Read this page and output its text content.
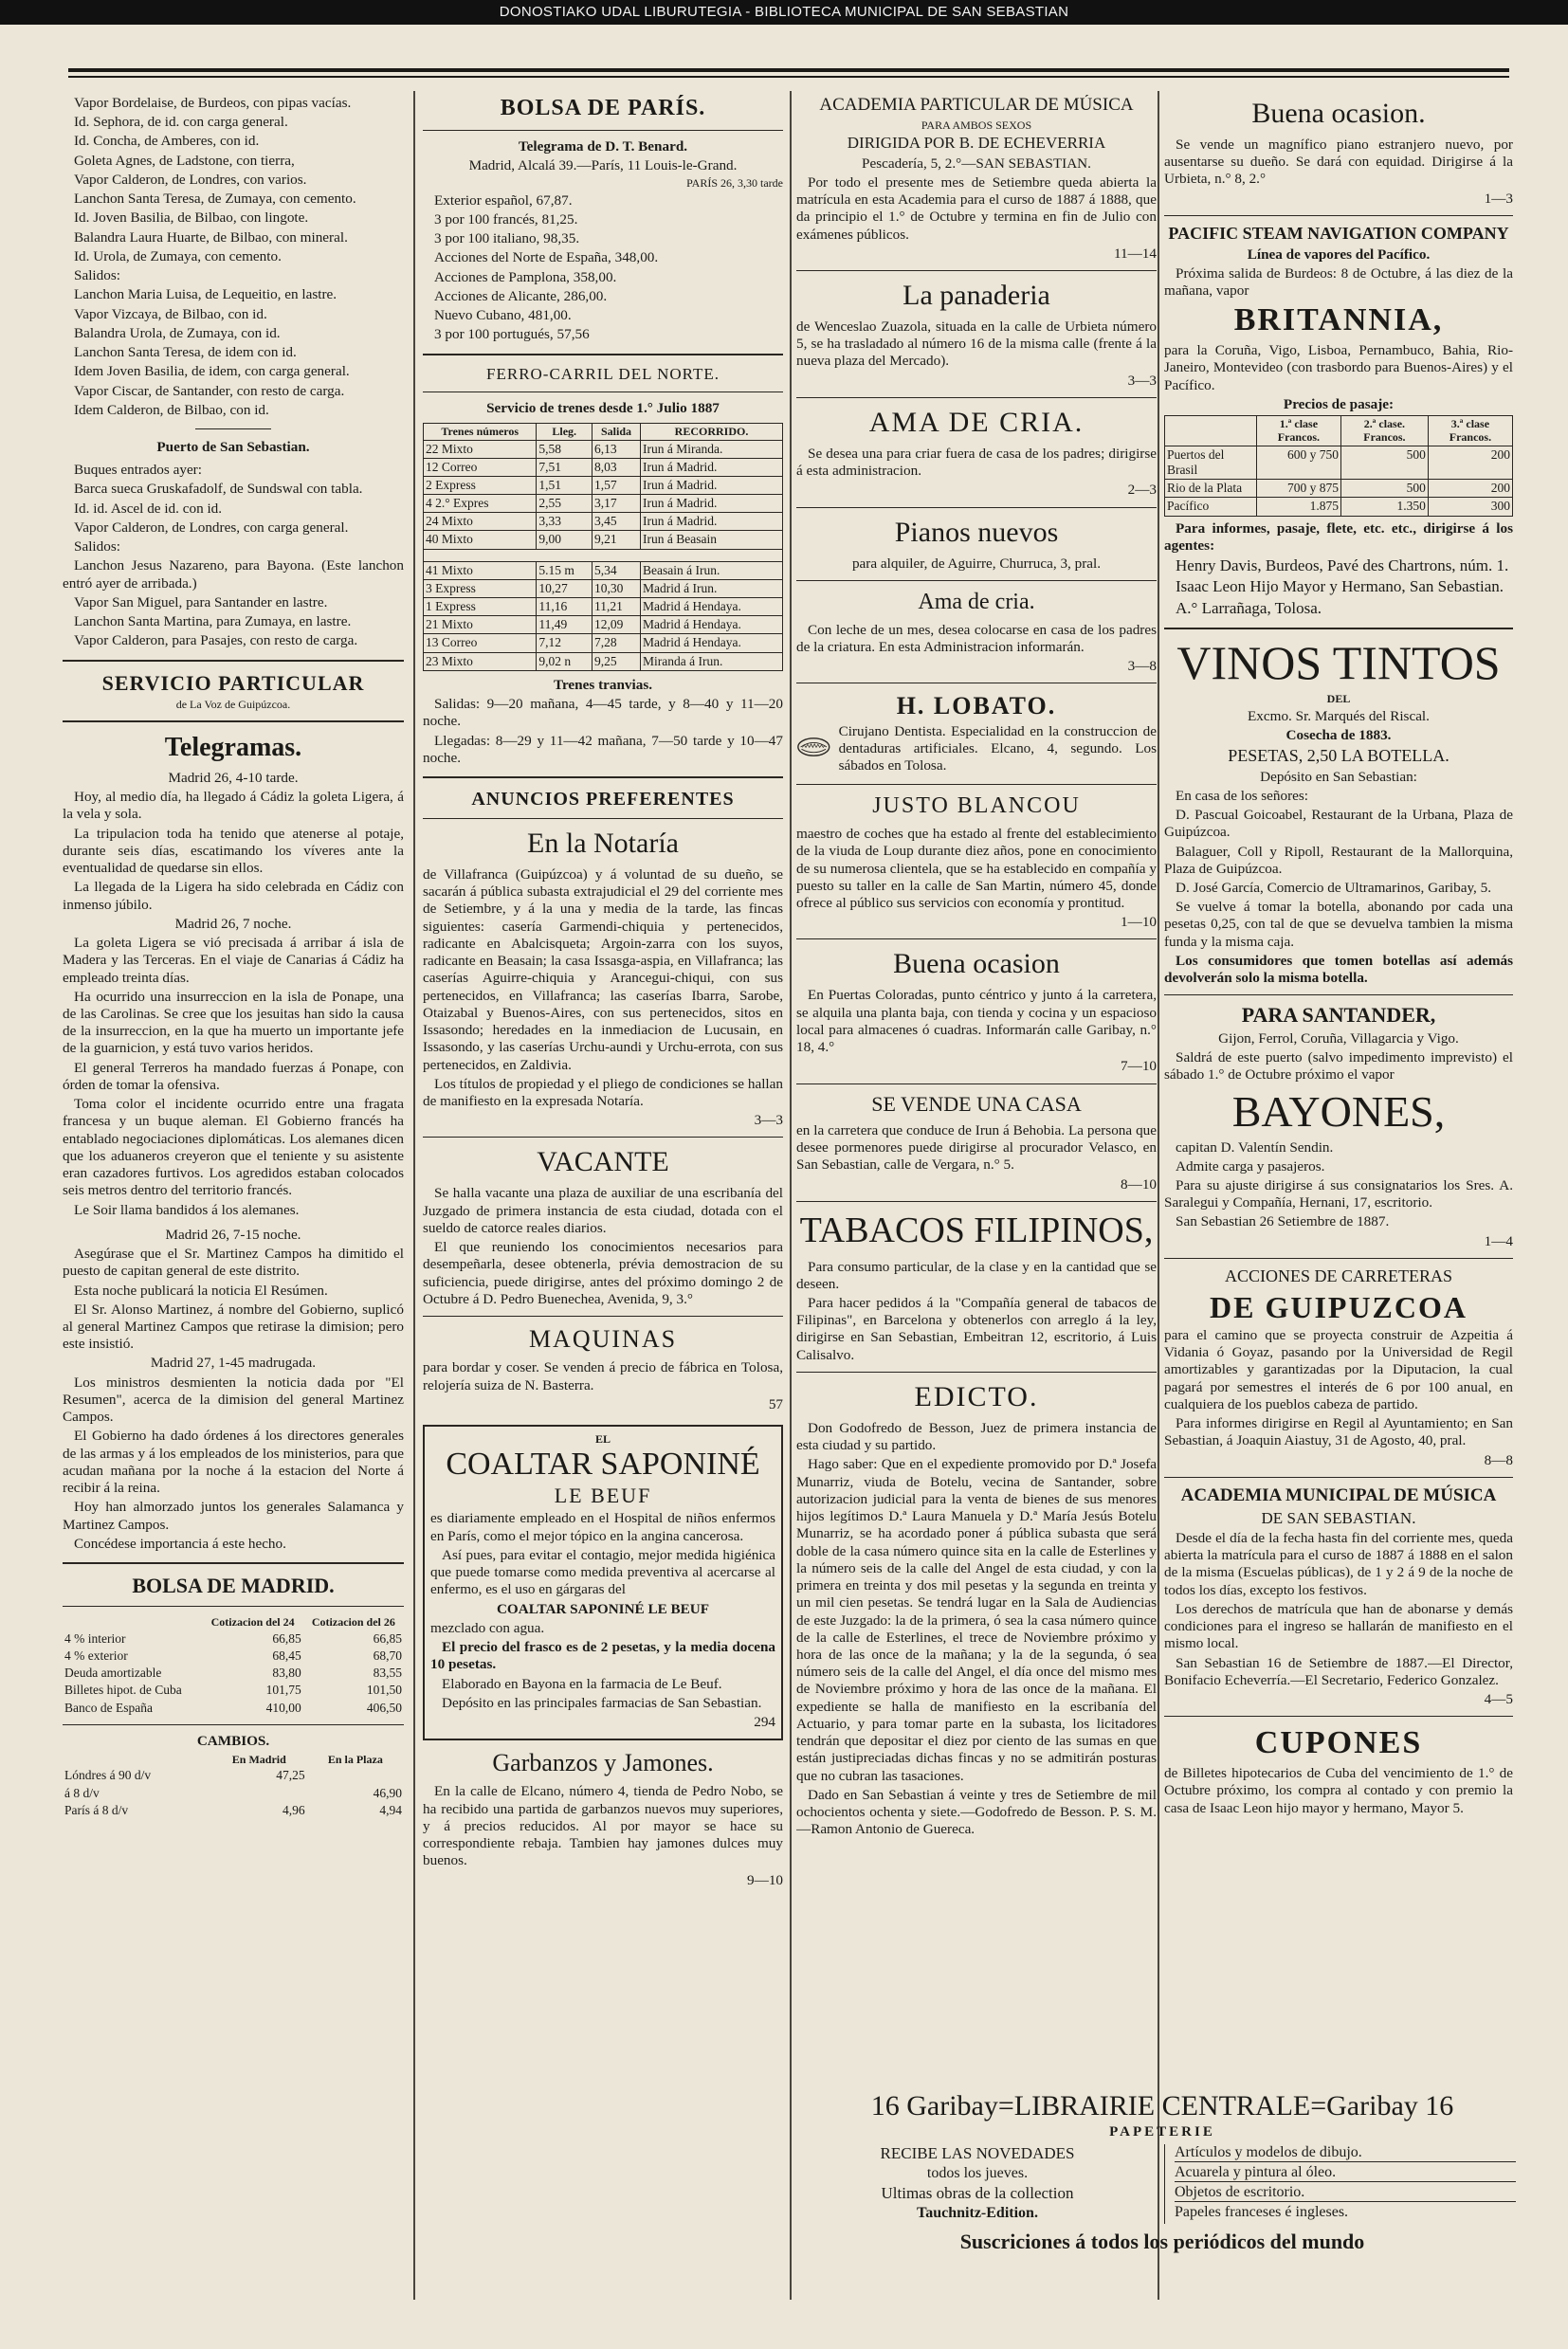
DONOSTIAKO UDAL LIBURUTEGIA - BIBLIOTECA MUNICIPAL DE SAN SEBASTIAN

Vapor Bordelaise, de Burdeos, con pipas vacías.

Id. Sephora, de id. con carga general.

Id. Concha, de Amberes, con id.

Goleta Agnes, de Ladstone, con tierra,

Vapor Calderon, de Londres, con varios.

Lanchon Santa Teresa, de Zumaya, con cemento.

Id. Joven Basilia, de Bilbao, con lingote.

Balandra Laura Huarte, de Bilbao, con mineral.

Id. Urola, de Zumaya, con cemento.

Salidos:

Lanchon Maria Luisa, de Lequeitio, en lastre.

Vapor Vizcaya, de Bilbao, con id.

Balandra Urola, de Zumaya, con id.

Lanchon Santa Teresa, de idem con id.

Idem Joven Basilia, de idem, con carga general.

Vapor Ciscar, de Santander, con resto de carga.

Idem Calderon, de Bilbao, con id.

Puerto de San Sebastian.

Buques entrados ayer:

Barca sueca Gruskafadolf, de Sundswal con tabla.

Id. id. Ascel de id. con id.

Vapor Calderon, de Londres, con carga general.

Salidos:

Lanchon Jesus Nazareno, para Bayona. (Este lanchon entró ayer de arribada.)

Vapor San Miguel, para Santander en lastre.

Lanchon Santa Martina, para Zumaya, en lastre.

Vapor Calderon, para Pasajes, con resto de carga.

SERVICIO PARTICULAR

de La Voz de Guipúzcoa.

Telegramas.

Madrid 26, 4-10 tarde.

Hoy, al medio día, ha llegado á Cádiz la goleta Ligera, á la vela y sola.

La tripulacion toda ha tenido que atenerse al potaje, durante seis días, escatimando los víveres ante la eventualidad de quedarse sin ellos.

La llegada de la Ligera ha sido celebrada en Cádiz con inmenso júbilo.

Madrid 26, 7 noche.

La goleta Ligera se vió precisada á arribar á isla de Madera y las Terceras. En el viaje de Canarias á Cádiz ha empleado treinta días.

Ha ocurrido una insurreccion en la isla de Ponape, una de las Carolinas. Se cree que los jesuitas han sido la causa de la insurreccion, en la que ha muerto un importante jefe de la guarnicion, y está tuvo varios heridos.

El general Terreros ha mandado fuerzas á Ponape, con órden de tomar la ofensiva.

Toma color el incidente ocurrido entre una fragata francesa y un buque aleman. El Gobierno francés ha entablado negociaciones diplomáticas. Los alemanes dicen que los aduaneros creyeron que el teniente y su asistente eran cazadores furtivos. Los agredidos estaban colocados seis metros dentro del territorio francés.

Le Soir llama bandidos á los alemanes.

Madrid 26, 7-15 noche.

Asegúrase que el Sr. Martinez Campos ha dimitido el puesto de capitan general de este distrito.

Esta noche publicará la noticia El Resúmen.

El Sr. Alonso Martinez, á nombre del Gobierno, suplicó al general Martinez Campos que retirase la dimision; pero este insistió.

Madrid 27, 1-45 madrugada.

Los ministros desmienten la noticia dada por "El Resumen", acerca de la dimision del general Martinez Campos.

El Gobierno ha dado órdenes á los directores generales de las armas y á los empleados de los ministerios, para que acudan mañana por la noche á la estacion del Norte á recibir á la reina.

Hoy han almorzado juntos los generales Salamanca y Martinez Campos.

Concédese importancia á este hecho.

BOLSA DE MADRID.

	Cotizacion del 24	Cotizacion del 26
4 % interior	66,85	66,85
4 % exterior	68,45	68,70
Deuda amortizable	83,80	83,55
Billetes hipot. de Cuba	101,75	101,50
Banco de España	410,00	406,50

CAMBIOS.

	En Madrid	En la Plaza
Lóndres á 90 d/v	47,25	
á 8 d/v		46,90
París á 8 d/v	4,96	4,94

BOLSA DE PARÍS.

Telegrama de D. T. Benard.

Madrid, Alcalá 39.—París, 11 Louis-le-Grand.

PARÍS 26, 3,30 tarde

Exterior español, 67,87.

3 por 100 francés, 81,25.

3 por 100 italiano, 98,35.

Acciones del Norte de España, 348,00.

Acciones de Pamplona, 358,00.

Acciones de Alicante, 286,00.

Nuevo Cubano, 481,00.

3 por 100 portugués, 57,56

FERRO-CARRIL DEL NORTE.

Servicio de trenes desde 1.° Julio 1887

Trenes números	Lleg.	Salida	RECORRIDO.
22 Mixto	5,58	6,13	Irun á Miranda.
12 Correo	7,51	8,03	Irun á Madrid.
2 Express	1,51	1,57	Irun á Madrid.
4 2.° Expres	2,55	3,17	Irun á Madrid.
24 Mixto	3,33	3,45	Irun á Madrid.
40 Mixto	9,00	9,21	Irun á Beasain

41 Mixto	5.15 m	5,34	Beasain á Irun.
3 Express	10,27	10,30	Madrid á Irun.
1 Express	11,16	11,21	Madrid á Hendaya.
21 Mixto	11,49	12,09	Madrid á Hendaya.
13 Correo	7,12	7,28	Madrid á Hendaya.
23 Mixto	9,02 n	9,25	Miranda á Irun.

Trenes tranvias.

Salidas: 9—20 mañana, 4—45 tarde, y 8—40 y 11—20 noche.

Llegadas: 8—29 y 11—42 mañana, 7—50 tarde y 10—47 noche.

ANUNCIOS PREFERENTES

En la Notaría

de Villafranca (Guipúzcoa) y á voluntad de su dueño, se sacarán á pública subasta extrajudicial el 29 del corriente mes de Setiembre, y á la una y media de la tarde, las fincas siguientes: casería Garmendi-chiquia y pertenecidos, radicante en Abalcisqueta; Argoin-zarra con los suyos, radicante en Beasain; la casa Issasga-aspia, en Villafranca; las caserías Aguirre-chiquia y Arancegui-chiqui, con sus pertenecidos, en Villafranca; las caserías Ibarra, Sarobe, Otaizabal y Buenos-Aires, con sus pertenecidos, sitos en Issasondo; heredades en la inmediacion de Lucusain, en Issasondo, y las caserías Urchu-aundi y Urchu-errota, con sus pertenecidos, en Zaldivia.

Los títulos de propiedad y el pliego de condiciones se hallan de manifiesto en la expresada Notaría.

3—3

VACANTE

Se halla vacante una plaza de auxiliar de una escribanía del Juzgado de primera instancia de esta ciudad, dotada con el sueldo de catorce reales diarios.

El que reuniendo los conocimientos necesarios para desempeñarla, desee obtenerla, prévia demostracion de su suficiencia, puede dirigirse, antes del próximo domingo 2 de Octubre á D. Pedro Buenechea, Avenida, 9, 3.°

MAQUINAS

para bordar y coser. Se venden á precio de fábrica en Tolosa, relojería suiza de N. Basterra.

57

EL

COALTAR SAPONINÉ

LE BEUF

es diariamente empleado en el Hospital de niños enfermos en París, como el mejor tópico en la angina cancerosa.

Así pues, para evitar el contagio, mejor medida higiénica que puede tomarse como medida preventiva al acercarse al enfermo, es el uso en gárgaras del

COALTAR SAPONINÉ LE BEUF

mezclado con agua.

El precio del frasco es de 2 pesetas, y la media docena 10 pesetas.

Elaborado en Bayona en la farmacia de Le Beuf.

Depósito en las principales farmacias de San Sebastian.

294

Garbanzos y Jamones.

En la calle de Elcano, número 4, tienda de Pedro Nobo, se ha recibido una partida de garbanzos nuevos muy superiores, y á precios reducidos. Al por mayor se hace su correspondiente rebaja. Tambien hay jamones dulces muy buenos.

9—10

ACADEMIA PARTICULAR DE MÚSICA

PARA AMBOS SEXOS

DIRIGIDA POR B. DE ECHEVERRIA

Pescadería, 5, 2.°—SAN SEBASTIAN.

Por todo el presente mes de Setiembre queda abierta la matrícula en esta Academia para el curso de 1887 á 1888, que da principio el 1.° de Octubre y termina en fin de Julio con exámenes públicos.

11—14

La panaderia

de Wenceslao Zuazola, situada en la calle de Urbieta número 5, se ha trasladado al número 16 de la misma calle (frente á la nueva plaza del Mercado).

3—3

AMA DE CRIA.

Se desea una para criar fuera de casa de los padres; dirigirse á esta administracion.

2—3

Pianos nuevos

para alquiler, de Aguirre, Churruca, 3, pral.

Ama de cria.

Con leche de un mes, desea colocarse en casa de los padres de la criatura. En esta Administracion informarán.

3—8

H. LOBATO.

Cirujano Dentista. Especialidad en la construccion de dentaduras artificiales. Elcano, 4, segundo. Los sábados en Tolosa.

JUSTO BLANCOU

maestro de coches que ha estado al frente del establecimiento de la viuda de Loup durante diez años, pone en conocimiento de su numerosa clientela, que se ha establecido en compañía y puesto su taller en la calle de San Martin, número 45, donde ofrece al público sus servicios con economía y prontitud.

1—10

Buena ocasion

En Puertas Coloradas, punto céntrico y junto á la carretera, se alquila una planta baja, con tienda y cocina y un espacioso local para almacenes ó cuadras. Informarán calle Garibay, n.° 18, 4.°

7—10

SE VENDE UNA CASA

en la carretera que conduce de Irun á Behobia. La persona que desee pormenores puede dirigirse al procurador Velasco, en San Sebastian, calle de Vergara, n.° 5.

8—10

TABACOS FILIPINOS,

Para consumo particular, de la clase y en la cantidad que se deseen.

Para hacer pedidos á la "Compañía general de tabacos de Filipinas", en Barcelona y obtenerlos con arreglo á la ley, dirigirse en San Sebastian, Embeitran 12, escritorio, á Luis Calisalvo.

EDICTO.

Don Godofredo de Besson, Juez de primera instancia de esta ciudad y su partido.

Hago saber: Que en el expediente promovido por D.ª Josefa Munarriz, viuda de Botelu, vecina de Santander, sobre autorizacion judicial para la venta de bienes de sus menores hijos legítimos D.ª Laura Manuela y D.ª María Jesús Botelu Munarriz, se ha acordado poner á pública subasta que será doble de la casa número quince sita en la calle de Esterlines y la número seis de la calle del Angel de esta ciudad, y con la primera en treinta y dos mil pesetas y la segunda en treinta y un mil cien pesetas. Se tendrá lugar en la Sala de Audiencias de este Juzgado: la de la primera, ó sea la casa número quince de la calle de Esterlines, el trece de Noviembre próximo y hora de las once de la mañana; y la de la segunda, ó sea número seis de la calle del Angel, el día once del mismo mes de Noviembre próximo y hora de las once de la mañana. El expediente se halla de manifiesto en la escribanía del Actuario, y para tomar parte en la subasta, los licitadores tendrán que depositar el diez por ciento de las sumas en que están justipreciadas dichas fincas y no se admitirán posturas que no cubran las tasaciones.

Dado en San Sebastian á veinte y tres de Setiembre de mil ochocientos ochenta y siete.—Godofredo de Besson. P. S. M.—Ramon Antonio de Guereca.

16 Garibay=LIBRAIRIE CENTRALE=Garibay 16

PAPETERIE

RECIBE LAS NOVEDADES

todos los jueves.

Ultimas obras de la collection

Tauchnitz-Edition.

Artículos y modelos de dibujo.

Acuarela y pintura al óleo.

Objetos de escritorio.

Papeles franceses é ingleses.

Suscriciones á todos los periódicos del mundo

Buena ocasion.

Se vende un magnífico piano estranjero nuevo, por ausentarse su dueño. Se dará con equidad. Dirigirse á la Urbieta, n.° 8, 2.°

1—3

PACIFIC STEAM NAVIGATION COMPANY

Línea de vapores del Pacífico.

Próxima salida de Burdeos: 8 de Octubre, á las diez de la mañana, vapor

BRITANNIA,

para la Coruña, Vigo, Lisboa, Pernambuco, Bahia, Rio-Janeiro, Montevideo (con trasbordo para Buenos-Aires) y el Pacífico.

Precios de pasaje:

	1.ª clase Francos.	2.ª clase. Francos.	3.ª clase Francos.
Puertos del Brasil	600 y 750	500	200
Rio de la Plata	700 y 875	500	200
Pacífico	1.875	1.350	300

Para informes, pasaje, flete, etc. etc., dirigirse á los agentes:

Henry Davis, Burdeos, Pavé des Chartrons, núm. 1.

Isaac Leon Hijo Mayor y Hermano, San Sebastian.

A.° Larrañaga, Tolosa.

VINOS TINTOS

DEL

Excmo. Sr. Marqués del Riscal.

Cosecha de 1883.

PESETAS, 2,50 LA BOTELLA.

Depósito en San Sebastian:

En casa de los señores:

D. Pascual Goicoabel, Restaurant de la Urbana, Plaza de Guipúzcoa.

Balaguer, Coll y Ripoll, Restaurant de la Mallorquina, Plaza de Guipúzcoa.

D. José García, Comercio de Ultramarinos, Garibay, 5.

Se vuelve á tomar la botella, abonando por cada una pesetas 0,25, con tal de que se devuelva tambien la misma funda y la misma caja.

Los consumidores que tomen botellas así además devolverán solo la misma botella.

PARA SANTANDER,

Gijon, Ferrol, Coruña, Villagarcia y Vigo.

Saldrá de este puerto (salvo impedimento imprevisto) el sábado 1.° de Octubre próximo el vapor

BAYONES,

capitan D. Valentín Sendin.

Admite carga y pasajeros.

Para su ajuste dirigirse á sus consignatarios los Sres. A. Saralegui y Compañía, Hernani, 17, escritorio.

San Sebastian 26 Setiembre de 1887.

1—4

ACCIONES DE CARRETERAS

DE GUIPUZCOA

para el camino que se proyecta construir de Azpeitia á Vidania ó Goyaz, pasando por la Universidad de Regil amortizables y garantizadas por la Diputacion, la cual pagará por semestres el interés de 6 por 100 anual, en cualquiera de los pueblos cabeza de partido.

Para informes dirigirse en Regil al Ayuntamiento; en San Sebastian, á Joaquin Aiastuy, 31 de Agosto, 40, pral.

8—8

ACADEMIA MUNICIPAL DE MÚSICA

DE SAN SEBASTIAN.

Desde el día de la fecha hasta fin del corriente mes, queda abierta la matrícula para el curso de 1887 á 1888 en el salon de la misma (Escuelas públicas), de 1 y 2 á 9 de la noche de todos los días, excepto los festivos.

Los derechos de matrícula que han de abonarse y demás condiciones para el ingreso se hallarán de manifiesto en el mismo local.

San Sebastian 16 de Setiembre de 1887.—El Director, Bonifacio Echeverría.—El Secretario, Federico Gonzalez.

4—5

CUPONES

de Billetes hipotecarios de Cuba del vencimiento de 1.° de Octubre próximo, los compra al contado y con premio la casa de Isaac Leon hijo mayor y hermano, Mayor 5.
